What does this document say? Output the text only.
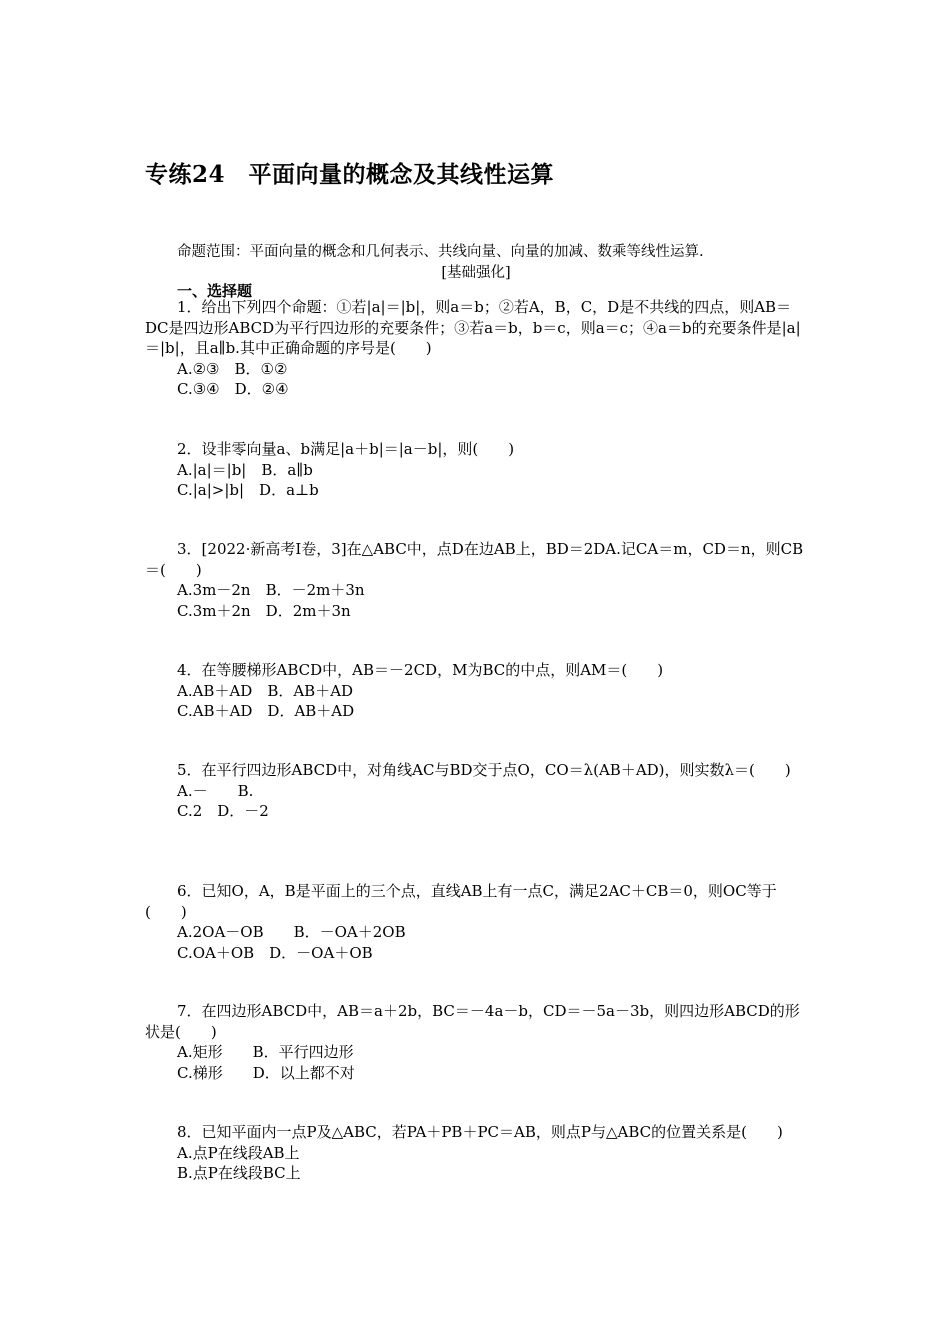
专练24　平面向量的概念及其线性运算
命题范围：平面向量的概念和几何表示、共线向量、向量的加减、数乘等线性运算.
[基础强化]
一、选择题

1．给出下列四个命题：①若|a|＝|b|，则a＝b；②若A，B，C，D是不共线的四点，则AB＝DC是四边形ABCD为平行四边形的充要条件；③若a＝b，b＝c，则a＝c；④a＝b的充要条件是|a|＝|b|，且a∥b.其中正确命题的序号是(　　)

A.②③　B．①②

C.③④　D．②④

2．设非零向量a、b满足|a＋b|＝|a－b|，则(　　)

A.|a|＝|b|　B．a∥b

C.|a|>|b|　D．a⊥b

3．[2022·新高考Ⅰ卷，3]在△ABC中，点D在边AB上，BD＝2DA.记CA＝m，CD＝n，则CB＝(　　)

A.3m－2n　B．－2m＋3n

C.3m＋2n　D．2m＋3n

4．在等腰梯形ABCD中，AB＝－2CD，M为BC的中点，则AM＝(　　)

A.AB＋AD　B．AB＋AD

C.AB＋AD　D．AB＋AD

5．在平行四边形ABCD中，对角线AC与BD交于点O，CO＝λ(AB＋AD)，则实数λ＝(　　)

A.－　　B.

C.2　D．－2

6．已知O，A，B是平面上的三个点，直线AB上有一点C，满足2AC＋CB＝0，则OC等于(　　)

A.2OA－OB　　B．－OA＋2OB

C.OA＋OB　D．－OA＋OB

7．在四边形ABCD中，AB＝a＋2b，BC＝－4a－b，CD＝－5a－3b，则四边形ABCD的形状是(　　)

A.矩形　　B．平行四边形

C.梯形　　D．以上都不对

8．已知平面内一点P及△ABC，若PA＋PB＋PC＝AB，则点P与△ABC的位置关系是(　　)

A.点P在线段AB上

B.点P在线段BC上
